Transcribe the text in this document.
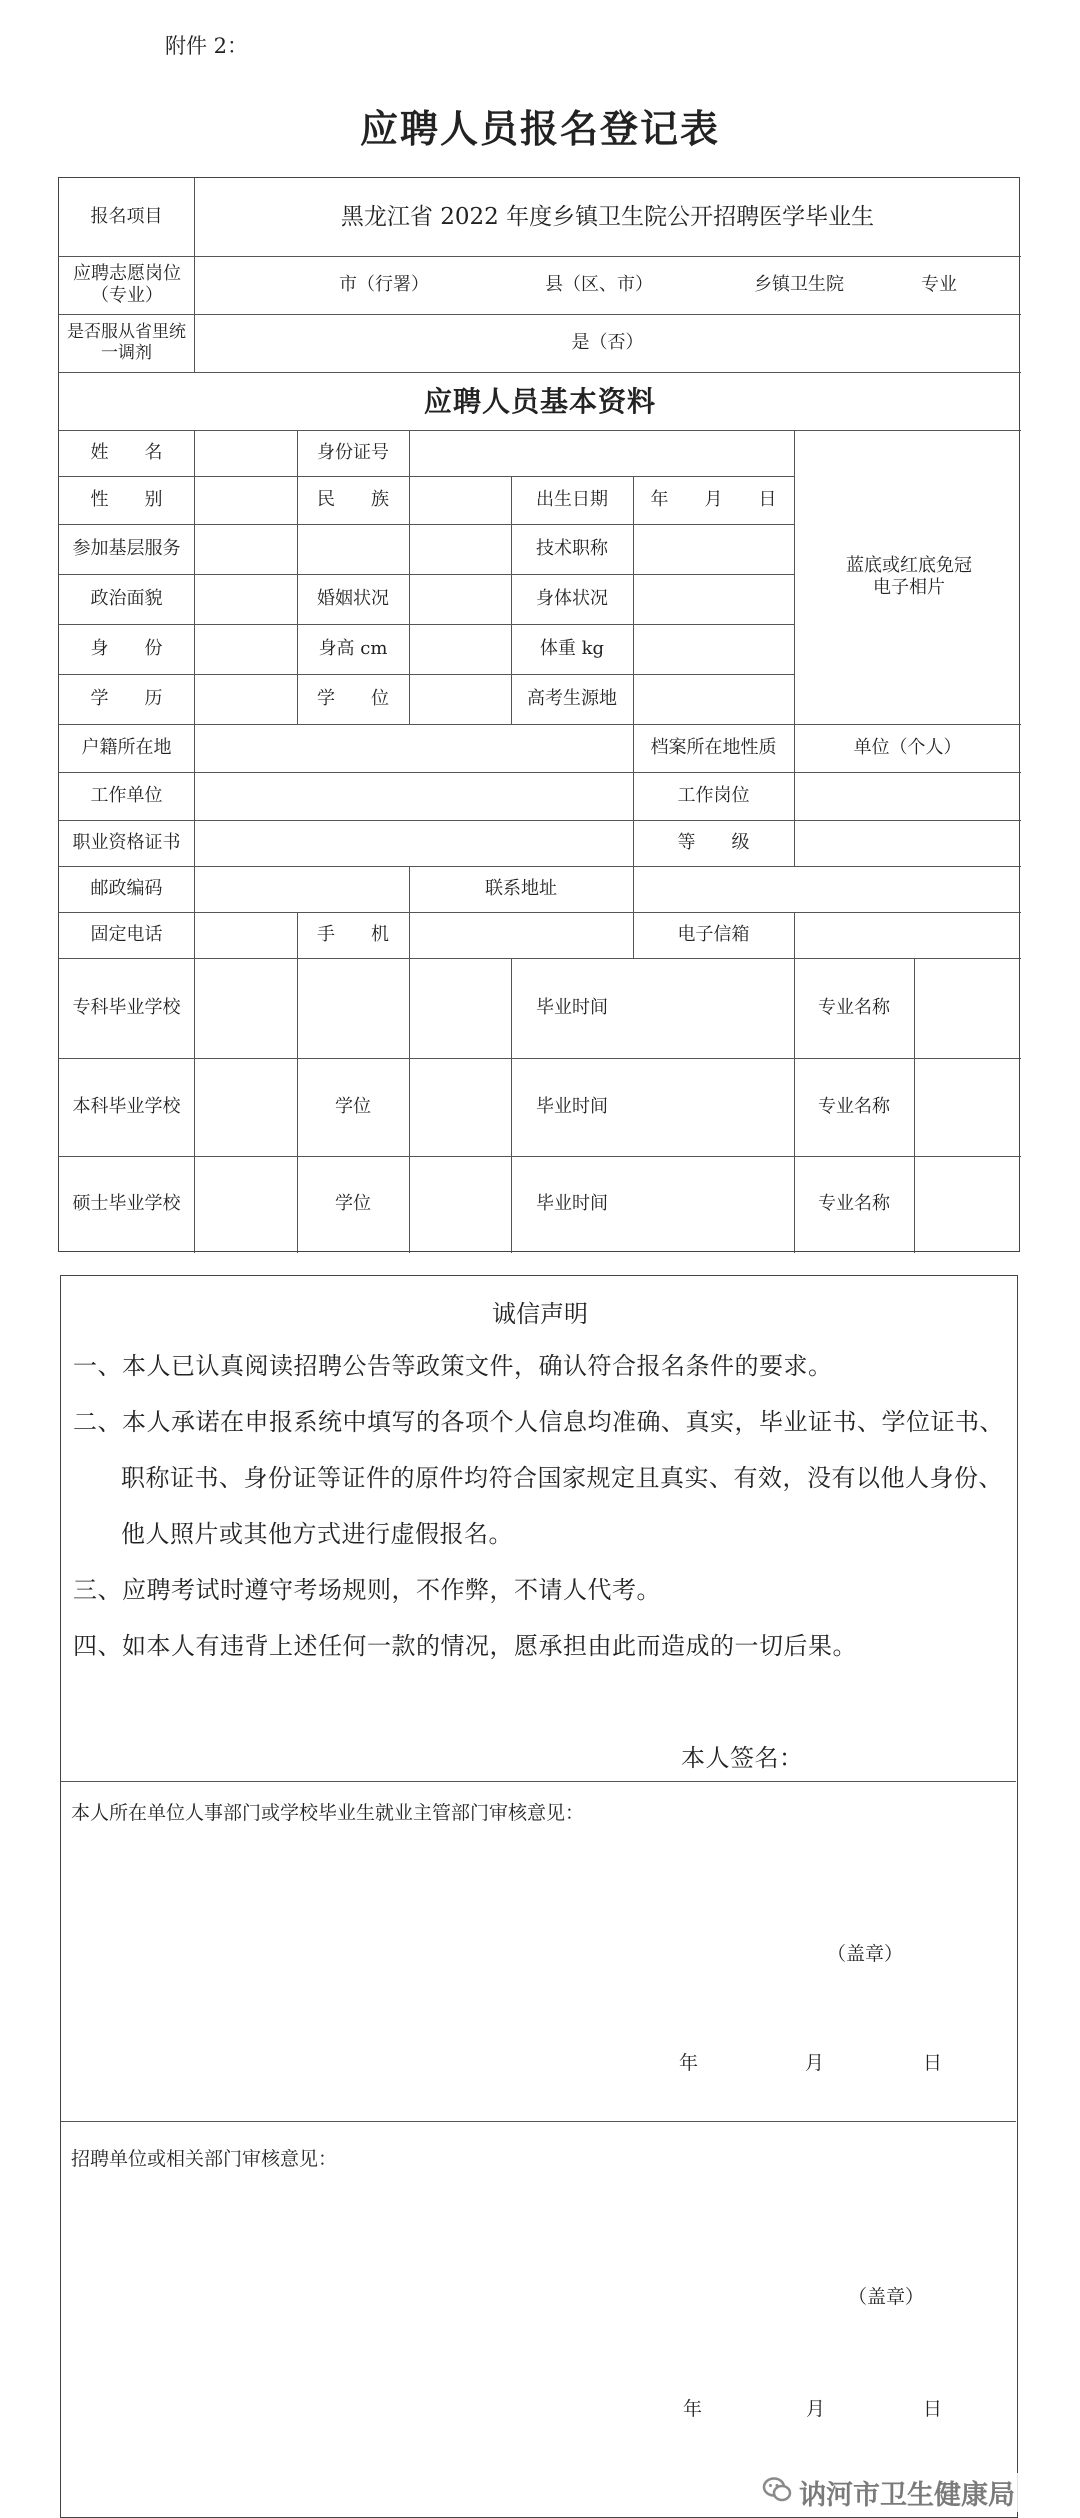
附件 2：
应聘人员报名登记表
报名项目	黑龙江省 2022 年度乡镇卫生院公开招聘医学毕业生
应聘志愿岗位（专业）
市（行署）	县（区、市）	乡镇卫生院	专业
是否服从省里统一调剂
是（否）
应聘人员基本资料
姓　　名	身份证号
性　　别	民　　族	出生日期	年　　月　　日
参加基层服务	技术职称
政治面貌	婚姻状况	身体状况
身　　份	身高 cm	体重 kg
学　　历	学　　位	高考生源地
蓝底或红底免冠电子相片
户籍所在地	档案所在地性质	单位（个人）
工作单位	工作岗位
职业资格证书	等　　级
邮政编码	联系地址
固定电话	手　　机	电子信箱
专科毕业学校	毕业时间	专业名称
本科毕业学校	学位	毕业时间	专业名称
硕士毕业学校	学位	毕业时间	专业名称
诚信声明
一、本人已认真阅读招聘公告等政策文件，确认符合报名条件的要求。
二、本人承诺在申报系统中填写的各项个人信息均准确、真实，毕业证书、学位证书、
职称证书、身份证等证件的原件均符合国家规定且真实、有效，没有以他人身份、
他人照片或其他方式进行虚假报名。
三、应聘考试时遵守考场规则，不作弊，不请人代考。
四、如本人有违背上述任何一款的情况，愿承担由此而造成的一切后果。
本人签名：
本人所在单位人事部门或学校毕业生就业主管部门审核意见：
（盖章）
年	月	日
招聘单位或相关部门审核意见：
（盖章）
年	月	日
讷河市卫生健康局
